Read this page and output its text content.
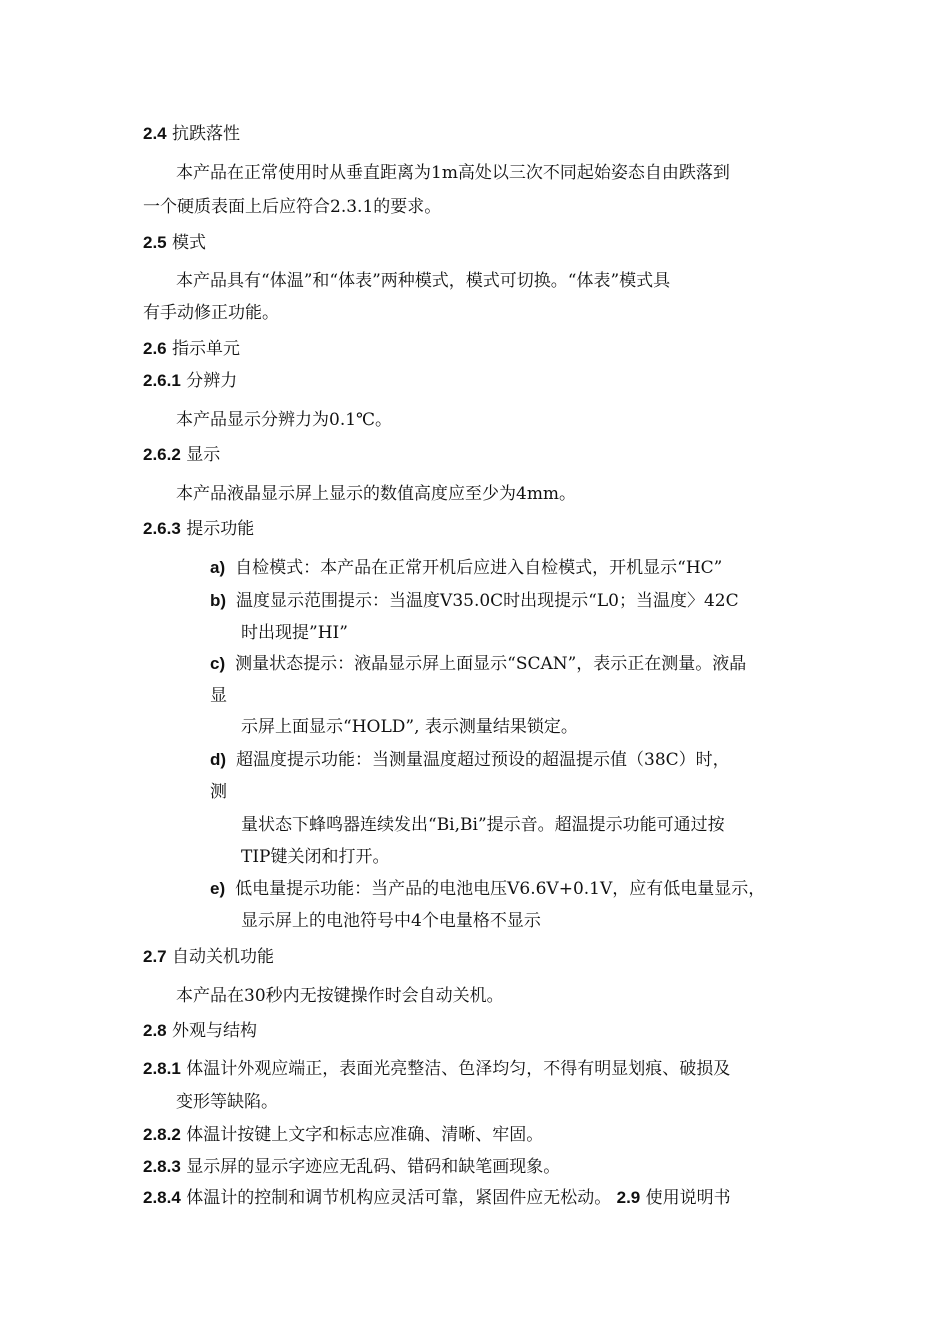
2.4 抗跌落性
本产品在正常使用时从垂直距离为1m高处以三次不同起始姿态自由跌落到
一个硬质表面上后应符合2.3.1的要求。
2.5 模式
本产品具有“体温”和“体表”两种模式，模式可切换。“体表”模式具
有手动修正功能。
2.6 指示单元
2.6.1 分辨力
本产品显示分辨力为0.1℃。
2.6.2 显示
本产品液晶显示屏上显示的数值高度应至少为4mm。
2.6.3 提示功能
a) 自检模式：本产品在正常开机后应进入自检模式，开机显示“HC”
b) 温度显示范围提示：当温度V35.0C时出现提示“L0；当温度〉42C
时出现提”HI”
c) 测量状态提示：液晶显示屏上面显示“SCAN”，表示正在测量。液晶
显
示屏上面显示“HOLD”, 表示测量结果锁定。
d) 超温度提示功能：当测量温度超过预设的超温提示值（38C）时，
测
量状态下蜂鸣器连续发出“Bi,Bi”提示音。超温提示功能可通过按
TIP键关闭和打开。
e) 低电量提示功能：当产品的电池电压V6.6V+0.1V，应有低电量显示，
显示屏上的电池符号中4个电量格不显示
2.7 自动关机功能
本产品在30秒内无按键操作时会自动关机。
2.8 外观与结构
2.8.1 体温计外观应端正，表面光亮整洁、色泽均匀，不得有明显划痕、破损及
变形等缺陷。
2.8.2 体温计按键上文字和标志应准确、清晰、牢固。
2.8.3 显示屏的显示字迹应无乱码、错码和缺笔画现象。
2.8.4 体温计的控制和调节机构应灵活可靠，紧固件应无松动。 2.9 使用说明书
